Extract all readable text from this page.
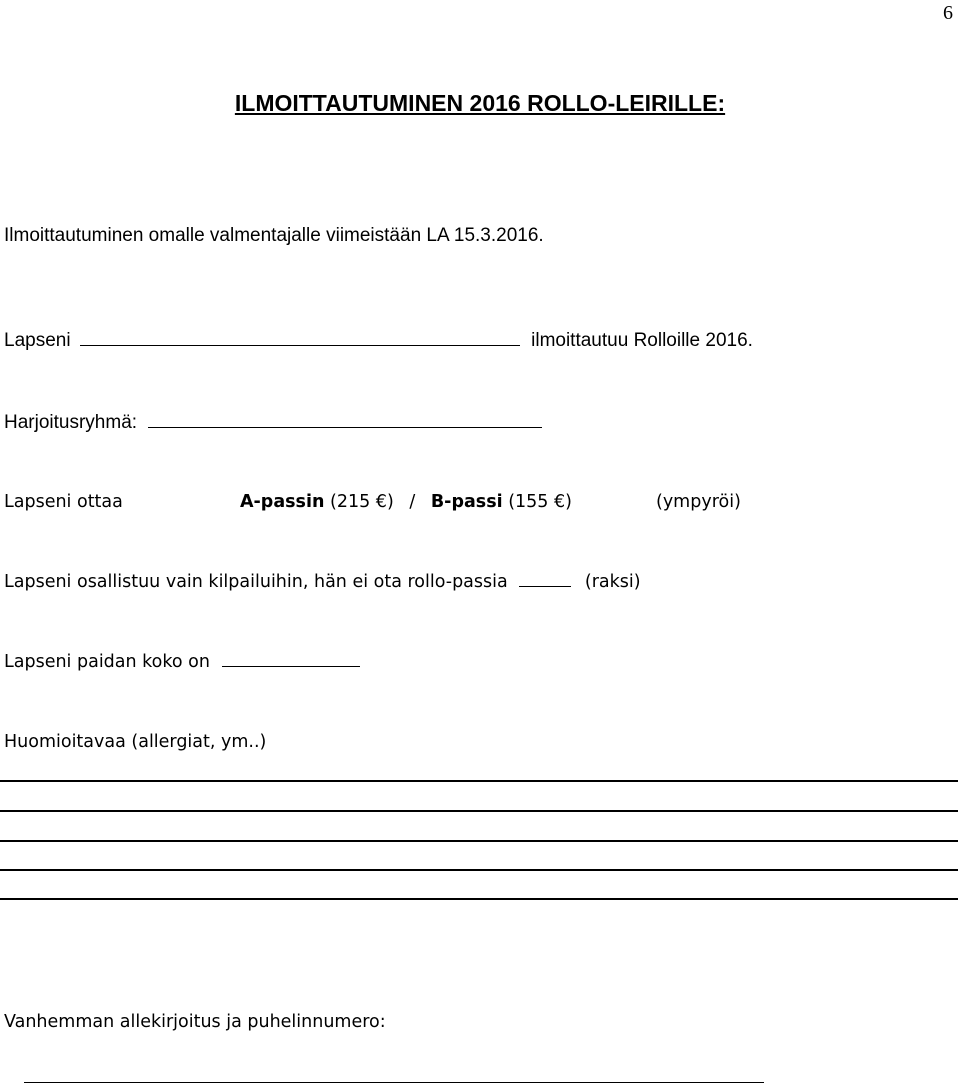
6
ILMOITTAUTUMINEN 2016 ROLLO-LEIRILLE:
Ilmoittautuminen omalle valmentajalle viimeistään LA 15.3.2016.
Lapseni	ilmoittautuu Rolloille 2016.
Harjoitusryhmä:
Lapseni ottaa	A-passin (215 €) / B-passi (155 €)	(ympyröi)
Lapseni osallistuu vain kilpailuihin, hän ei ota rollo-passia	(raksi)
Lapseni paidan koko on
Huomioitavaa (allergiat, ym..)
Vanhemman allekirjoitus ja puhelinnumero:
